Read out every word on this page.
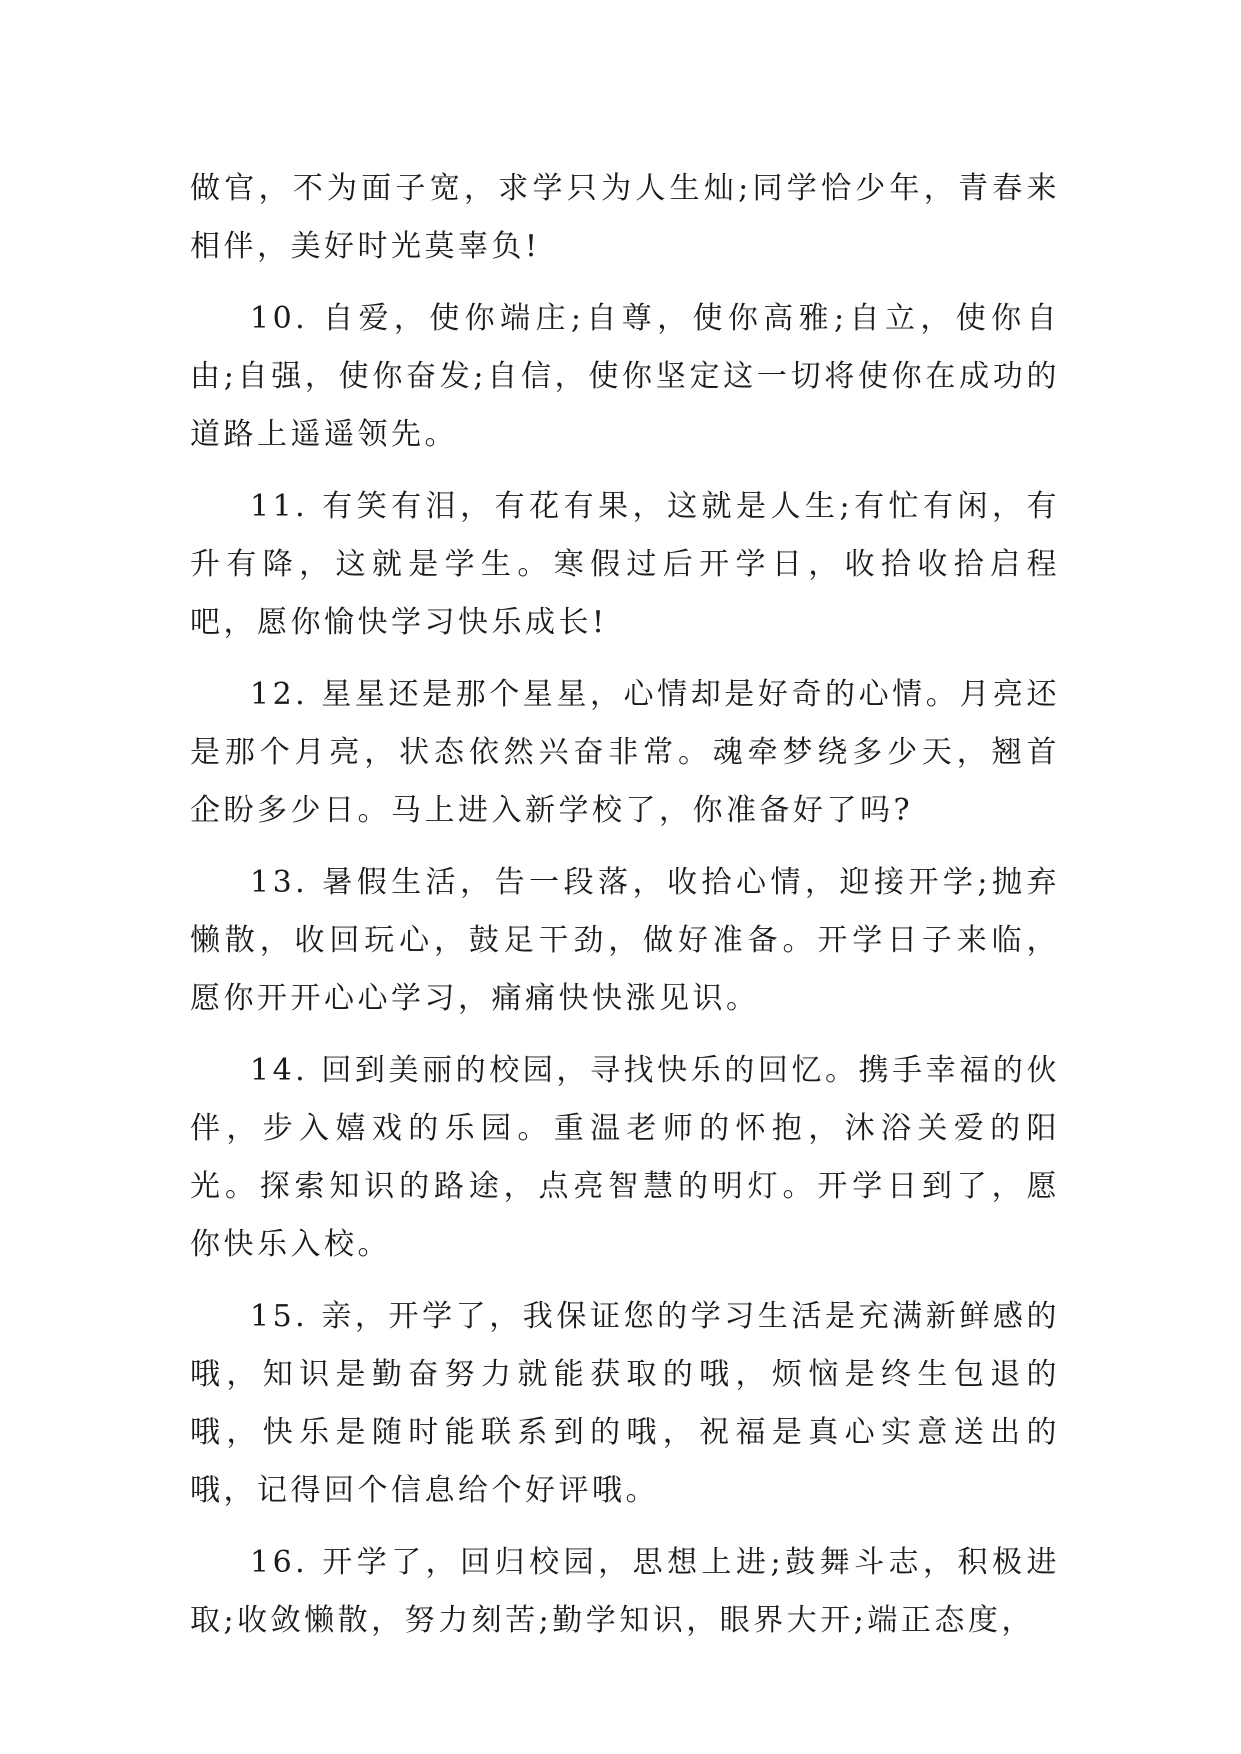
做官，不为面子宽，求学只为人生灿;同学恰少年，青春来相伴，美好时光莫辜负!

10. 自爱，使你端庄;自尊，使你高雅;自立，使你自由;自强，使你奋发;自信，使你坚定这一切将使你在成功的道路上遥遥领先。

11. 有笑有泪，有花有果，这就是人生;有忙有闲，有升有降，这就是学生。寒假过后开学日，收拾收拾启程吧，愿你愉快学习快乐成长!

12. 星星还是那个星星，心情却是好奇的心情。月亮还是那个月亮，状态依然兴奋非常。魂牵梦绕多少天，翘首企盼多少日。马上进入新学校了，你准备好了吗?

13. 暑假生活，告一段落，收拾心情，迎接开学;抛弃懒散，收回玩心，鼓足干劲，做好准备。开学日子来临，愿你开开心心学习，痛痛快快涨见识。

14. 回到美丽的校园，寻找快乐的回忆。携手幸福的伙伴，步入嬉戏的乐园。重温老师的怀抱，沐浴关爱的阳光。探索知识的路途，点亮智慧的明灯。开学日到了，愿你快乐入校。

15. 亲，开学了，我保证您的学习生活是充满新鲜感的哦，知识是勤奋努力就能获取的哦，烦恼是终生包退的哦，快乐是随时能联系到的哦，祝福是真心实意送出的哦，记得回个信息给个好评哦。

16. 开学了，回归校园，思想上进;鼓舞斗志，积极进取;收敛懒散，努力刻苦;勤学知识，眼界大开;端正态度，
